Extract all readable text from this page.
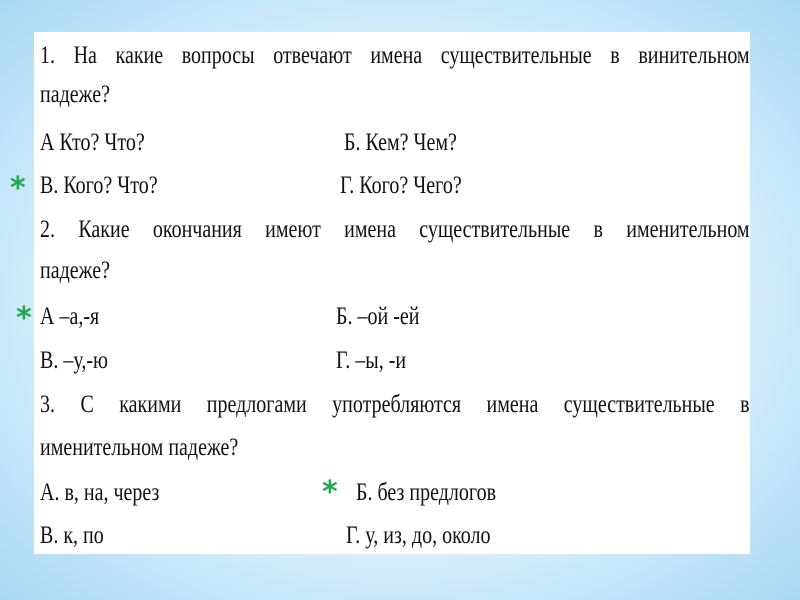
1. На какие вопросы отвечают имена существительные в винительном
падеже?
А Кто? Что?	Б. Кем? Чем?
В. Кого? Что?	Г. Кого? Чего?
2. Какие окончания имеют имена существительные в именительном
падеже?
А –а,-я	Б. –ой -ей
В. –у,-ю	Г. –ы, -и
3. С какими предлогами употребляются имена существительные в
именительном падеже?
А. в, на, через	Б. без предлогов
В. к, по	Г. у, из, до, около
*
*
*
